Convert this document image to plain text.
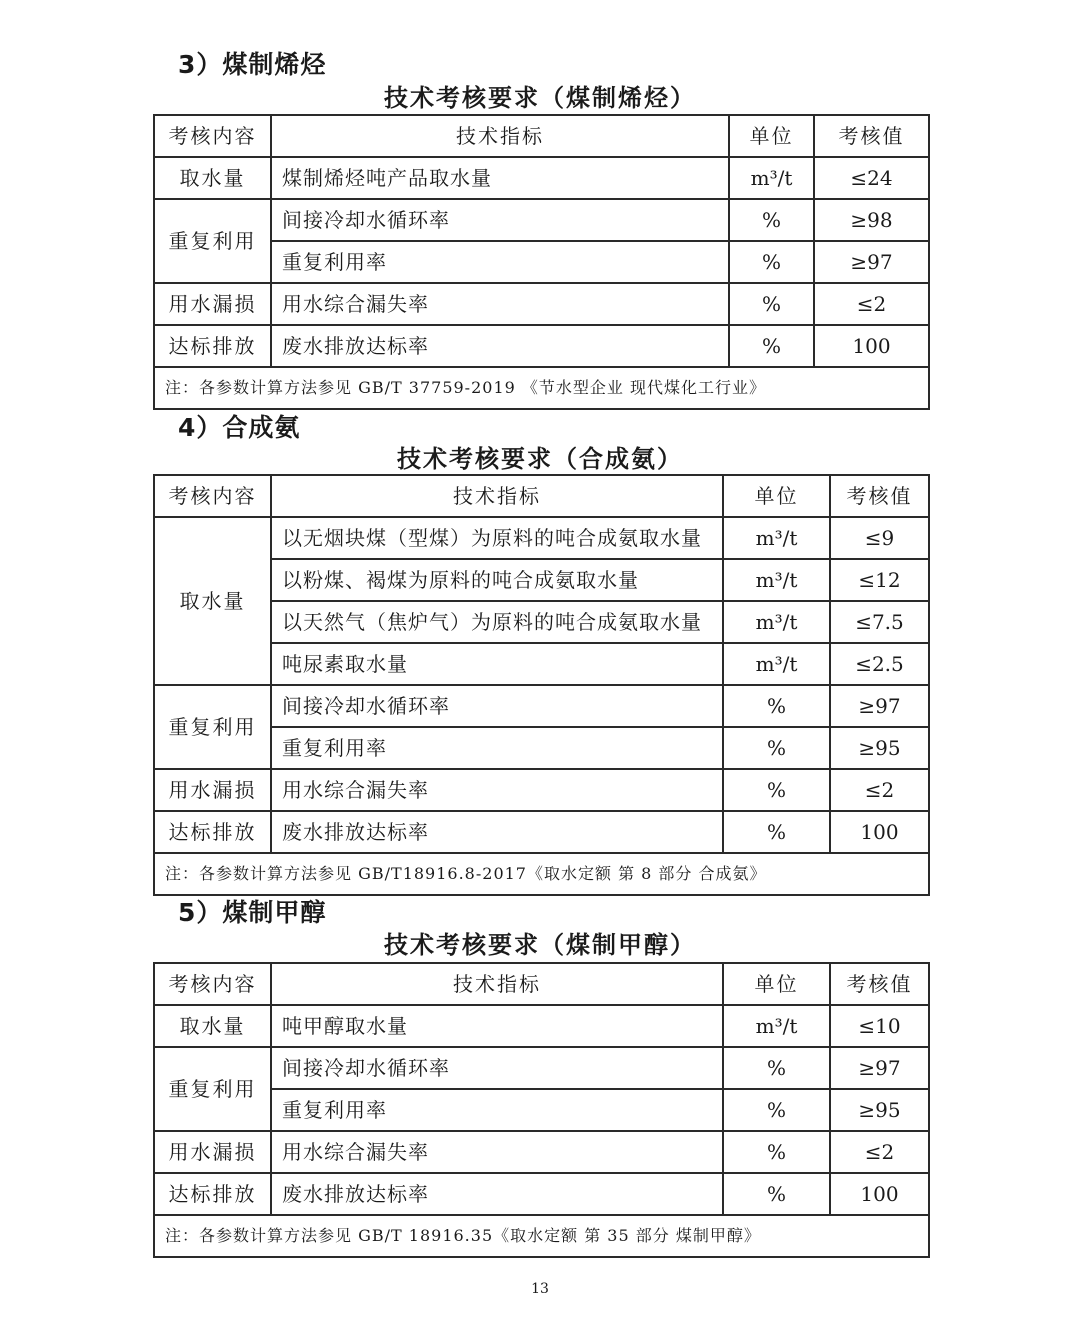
3）煤制烯烃
技术考核要求（煤制烯烃）
考核内容	技术指标	单位	考核值
取水量	煤制烯烃吨产品取水量	m³/t	≤24
重复利用	间接冷却水循环率	%	≥98
	重复利用率	%	≥97
用水漏损	用水综合漏失率	%	≤2
达标排放	废水排放达标率	%	100
注：各参数计算方法参见 GB/T 37759-2019 《节水型企业 现代煤化工行业》			
4）合成氨
技术考核要求（合成氨）
考核内容	技术指标	单位	考核值
取水量	以无烟块煤（型煤）为原料的吨合成氨取水量	m³/t	≤9
	以粉煤、褐煤为原料的吨合成氨取水量	m³/t	≤12
	以天然气（焦炉气）为原料的吨合成氨取水量	m³/t	≤7.5
	吨尿素取水量	m³/t	≤2.5
重复利用	间接冷却水循环率	%	≥97
	重复利用率	%	≥95
用水漏损	用水综合漏失率	%	≤2
达标排放	废水排放达标率	%	100
注：各参数计算方法参见 GB/T18916.8-2017《取水定额 第 8 部分 合成氨》			
5）煤制甲醇
技术考核要求（煤制甲醇）
考核内容	技术指标	单位	考核值
取水量	吨甲醇取水量	m³/t	≤10
重复利用	间接冷却水循环率	%	≥97
	重复利用率	%	≥95
用水漏损	用水综合漏失率	%	≤2
达标排放	废水排放达标率	%	100
注：各参数计算方法参见 GB/T 18916.35《取水定额 第 35 部分 煤制甲醇》			
13
